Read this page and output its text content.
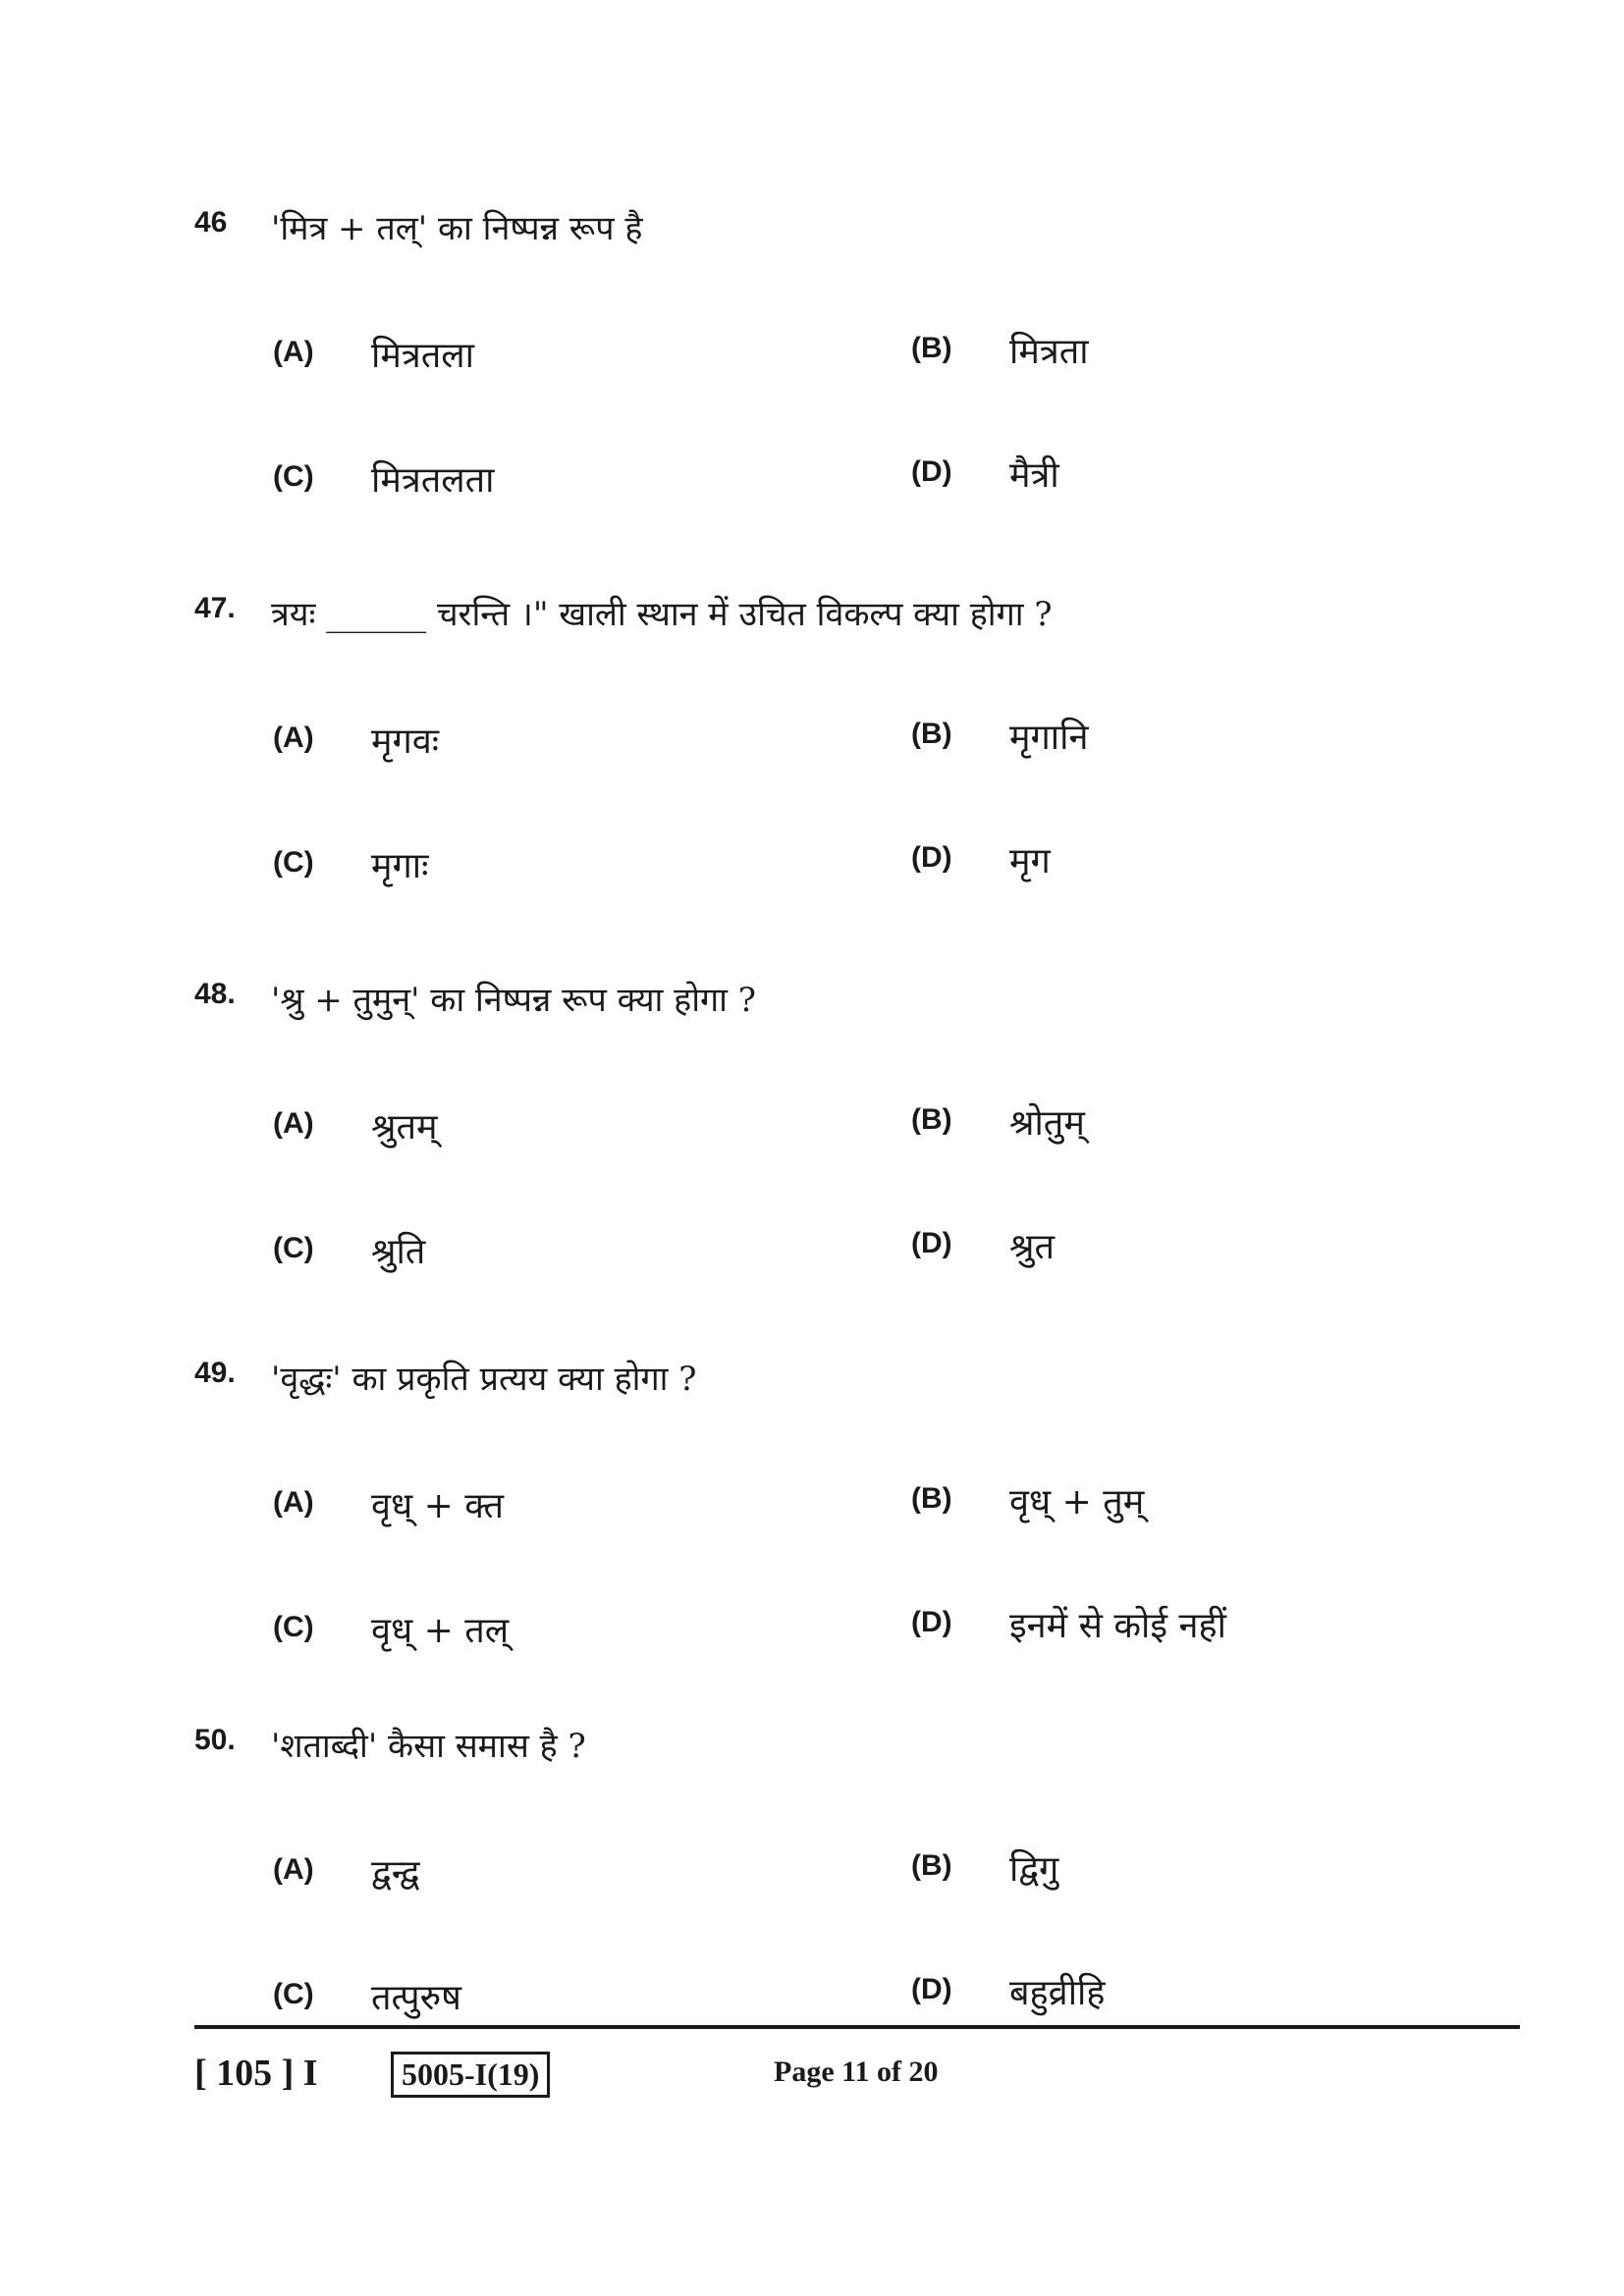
46 'मित्र + तल्' का निष्पन्न रूप है
(A) मित्रतला	(B) मित्रता
(C) मित्रतलता	(D) मैत्री
47. त्रयः ______ चरन्ति ।" खाली स्थान में उचित विकल्प क्या होगा ?
(A) मृगवः	(B) मृगानि
(C) मृगाः	(D) मृग
48. 'श्रु + तुमुन्' का निष्पन्न रूप क्या होगा ?
(A) श्रुतम्	(B) श्रोतुम्
(C) श्रुति	(D) श्रुत
49. 'वृद्धः' का प्रकृति प्रत्यय क्या होगा ?
(A) वृध् + क्त	(B) वृध् + तुम्
(C) वृध् + तल्	(D) इनमें से कोई नहीं
50. 'शताब्दी' कैसा समास है ?
(A) द्वन्द्व	(B) द्विगु
(C) तत्पुरुष	(D) बहुव्रीहि
[ 105 ] I	5005-I(19)	Page 11 of 20
